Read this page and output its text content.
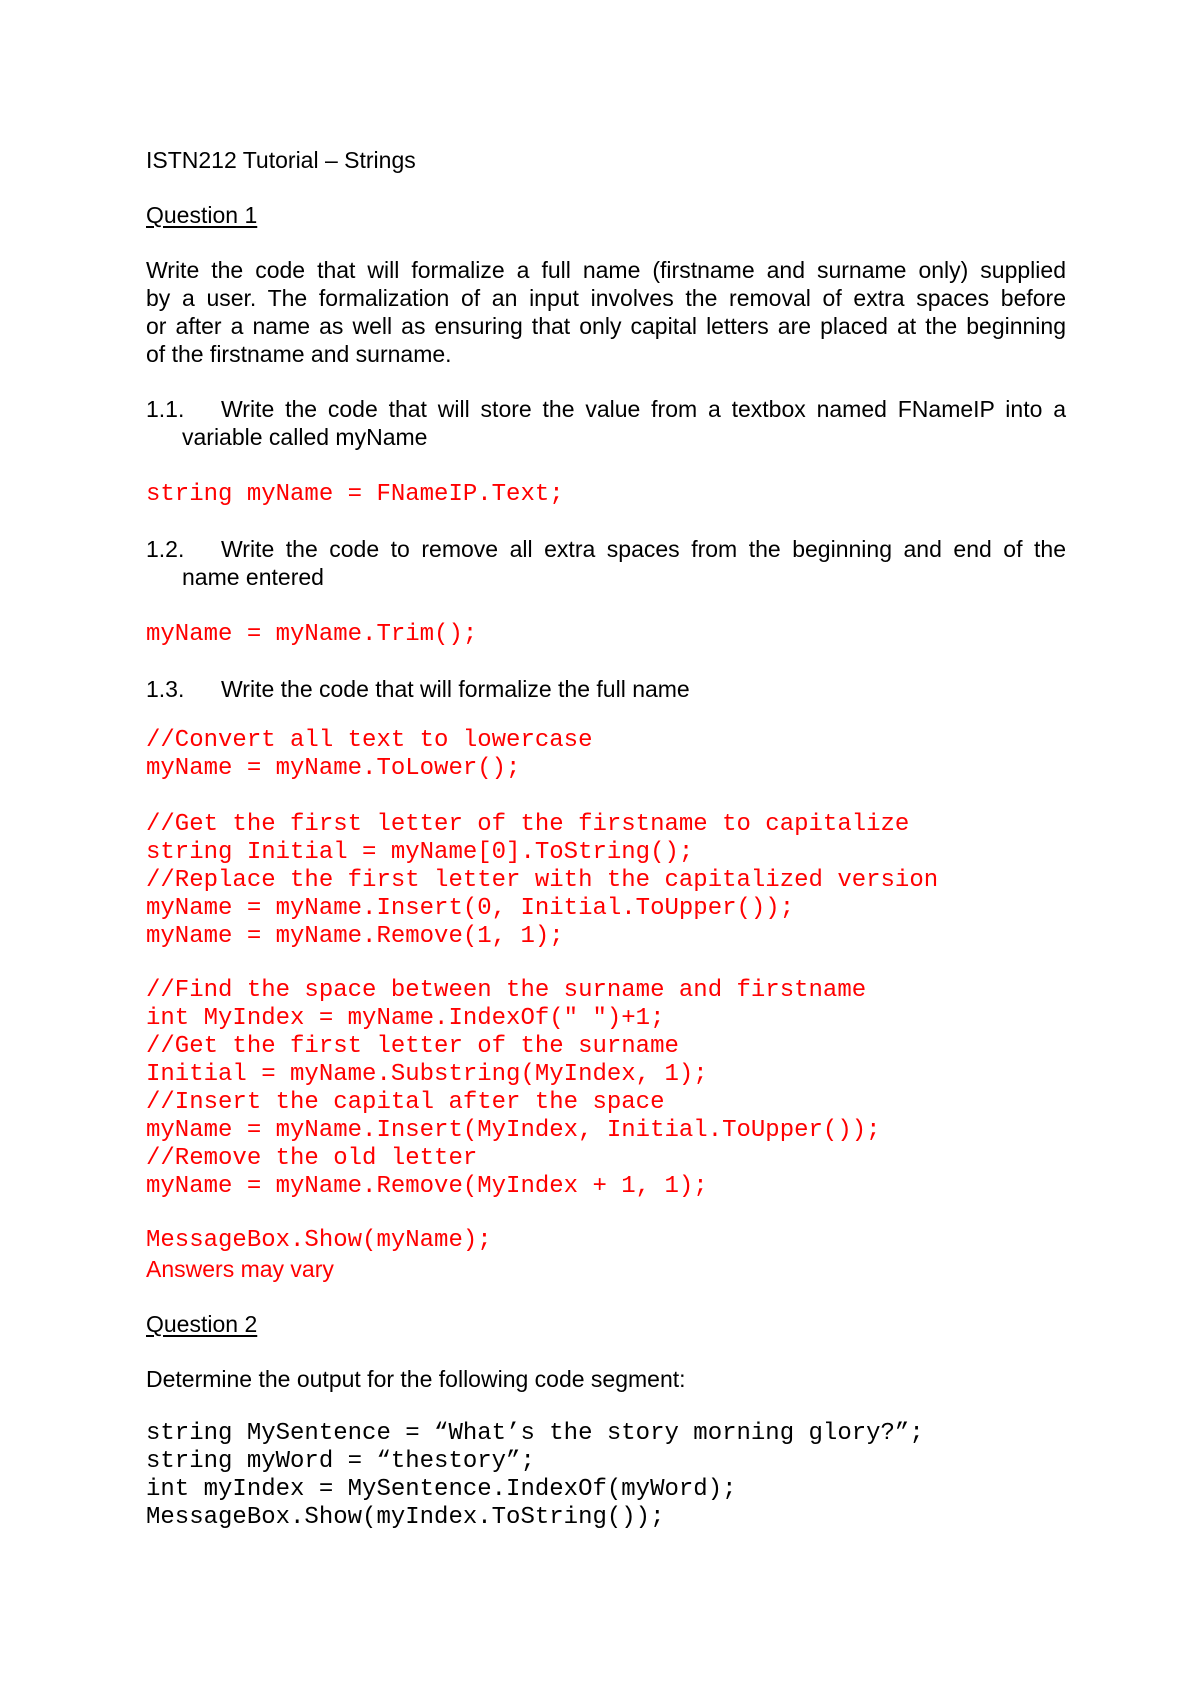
ISTN212 Tutorial – Strings
Question 1
Write the code that will formalize a full name (firstname and surname only) supplied
by a user. The formalization of an input involves the removal of extra spaces before
or after a name as well as ensuring that only capital letters are placed at the beginning
of the firstname and surname.
1.1. Write the code that will store the value from a textbox named FNameIP into a
variable called myName
string myName = FNameIP.Text;
1.2. Write the code to remove all extra spaces from the beginning and end of the
name entered
myName = myName.Trim();
1.3. Write the code that will formalize the full name
//Convert all text to lowercase
myName = myName.ToLower();
//Get the first letter of the firstname to capitalize
string Initial = myName[0].ToString();
//Replace the first letter with the capitalized version
myName = myName.Insert(0, Initial.ToUpper());
myName = myName.Remove(1, 1);
//Find the space between the surname and firstname
int MyIndex = myName.IndexOf(" ")+1;
//Get the first letter of the surname
Initial = myName.Substring(MyIndex, 1);
//Insert the capital after the space
myName = myName.Insert(MyIndex, Initial.ToUpper());
//Remove the old letter
myName = myName.Remove(MyIndex + 1, 1);
MessageBox.Show(myName);
Answers may vary
Question 2
Determine the output for the following code segment:
string MySentence = “What’s the story morning glory?”;
string myWord = “thestory”;
int myIndex = MySentence.IndexOf(myWord);
MessageBox.Show(myIndex.ToString());
